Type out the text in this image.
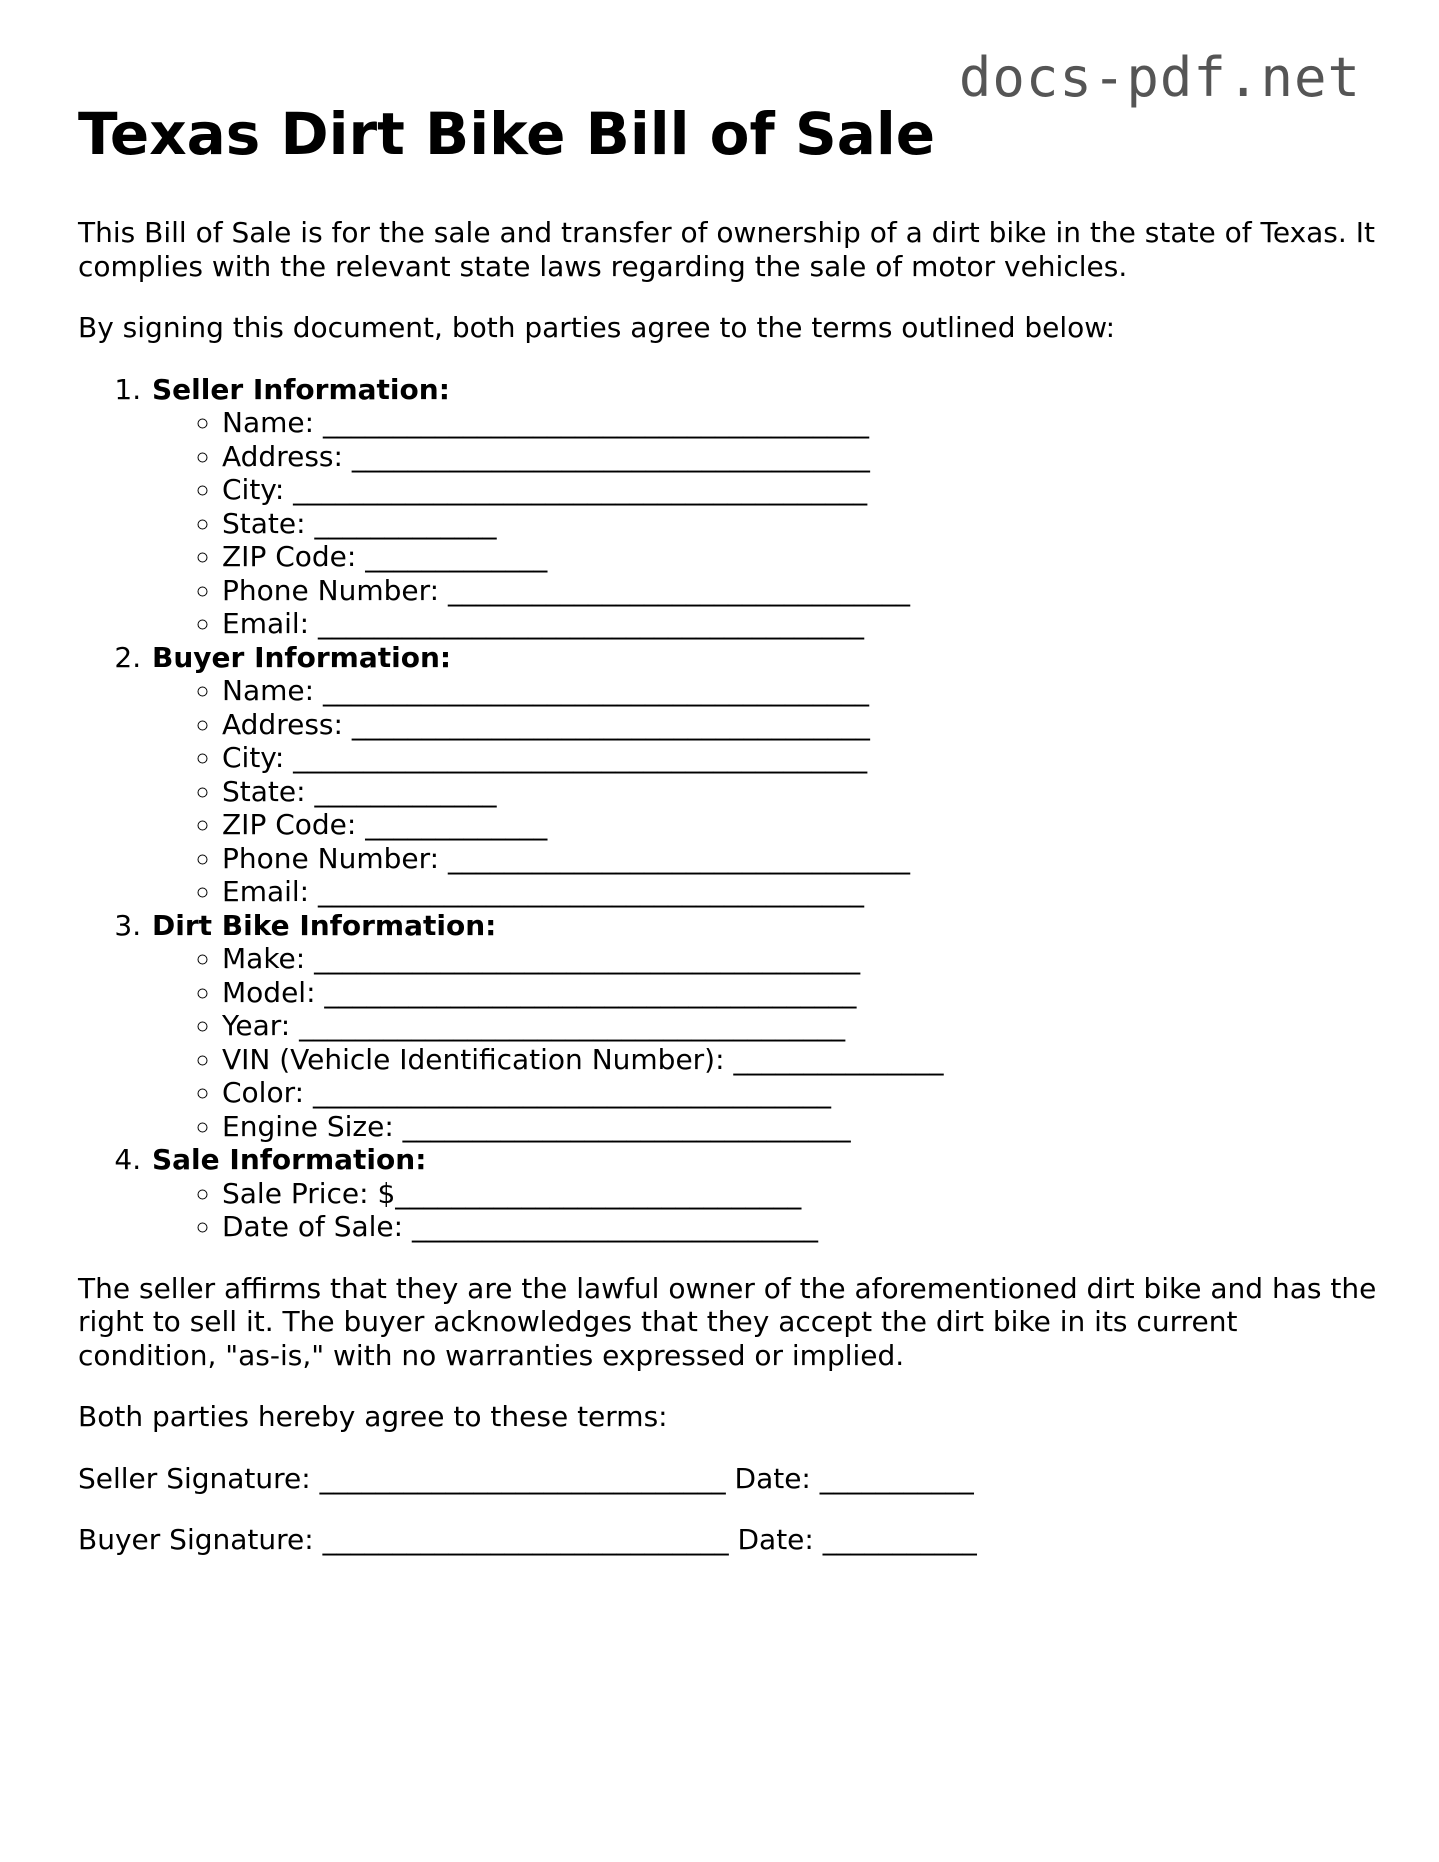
docs-pdf.net
Texas Dirt Bike Bill of Sale

This Bill of Sale is for the sale and transfer of ownership of a dirt bike in the state of Texas. It complies with the relevant state laws regarding the sale of motor vehicles.

By signing this document, both parties agree to the terms outlined below:

1. Seller Information:
◦ Name: _______________________________________
◦ Address: _____________________________________
◦ City: _________________________________________
◦ State: _____________
◦ ZIP Code: _____________
◦ Phone Number: _________________________________
◦ Email: _______________________________________
2. Buyer Information:
◦ Name: _______________________________________
◦ Address: _____________________________________
◦ City: _________________________________________
◦ State: _____________
◦ ZIP Code: _____________
◦ Phone Number: _________________________________
◦ Email: _______________________________________
3. Dirt Bike Information:
◦ Make: _______________________________________
◦ Model: ______________________________________
◦ Year: _______________________________________
◦ VIN (Vehicle Identification Number): _______________
◦ Color: _____________________________________
◦ Engine Size: ________________________________
4. Sale Information:
◦ Sale Price: $_____________________________
◦ Date of Sale: _____________________________

The seller affirms that they are the lawful owner of the aforementioned dirt bike and has the right to sell it. The buyer acknowledges that they accept the dirt bike in its current condition, "as-is," with no warranties expressed or implied.

Both parties hereby agree to these terms:

Seller Signature: _____________________________ Date: ___________
Buyer Signature: _____________________________ Date: ___________
